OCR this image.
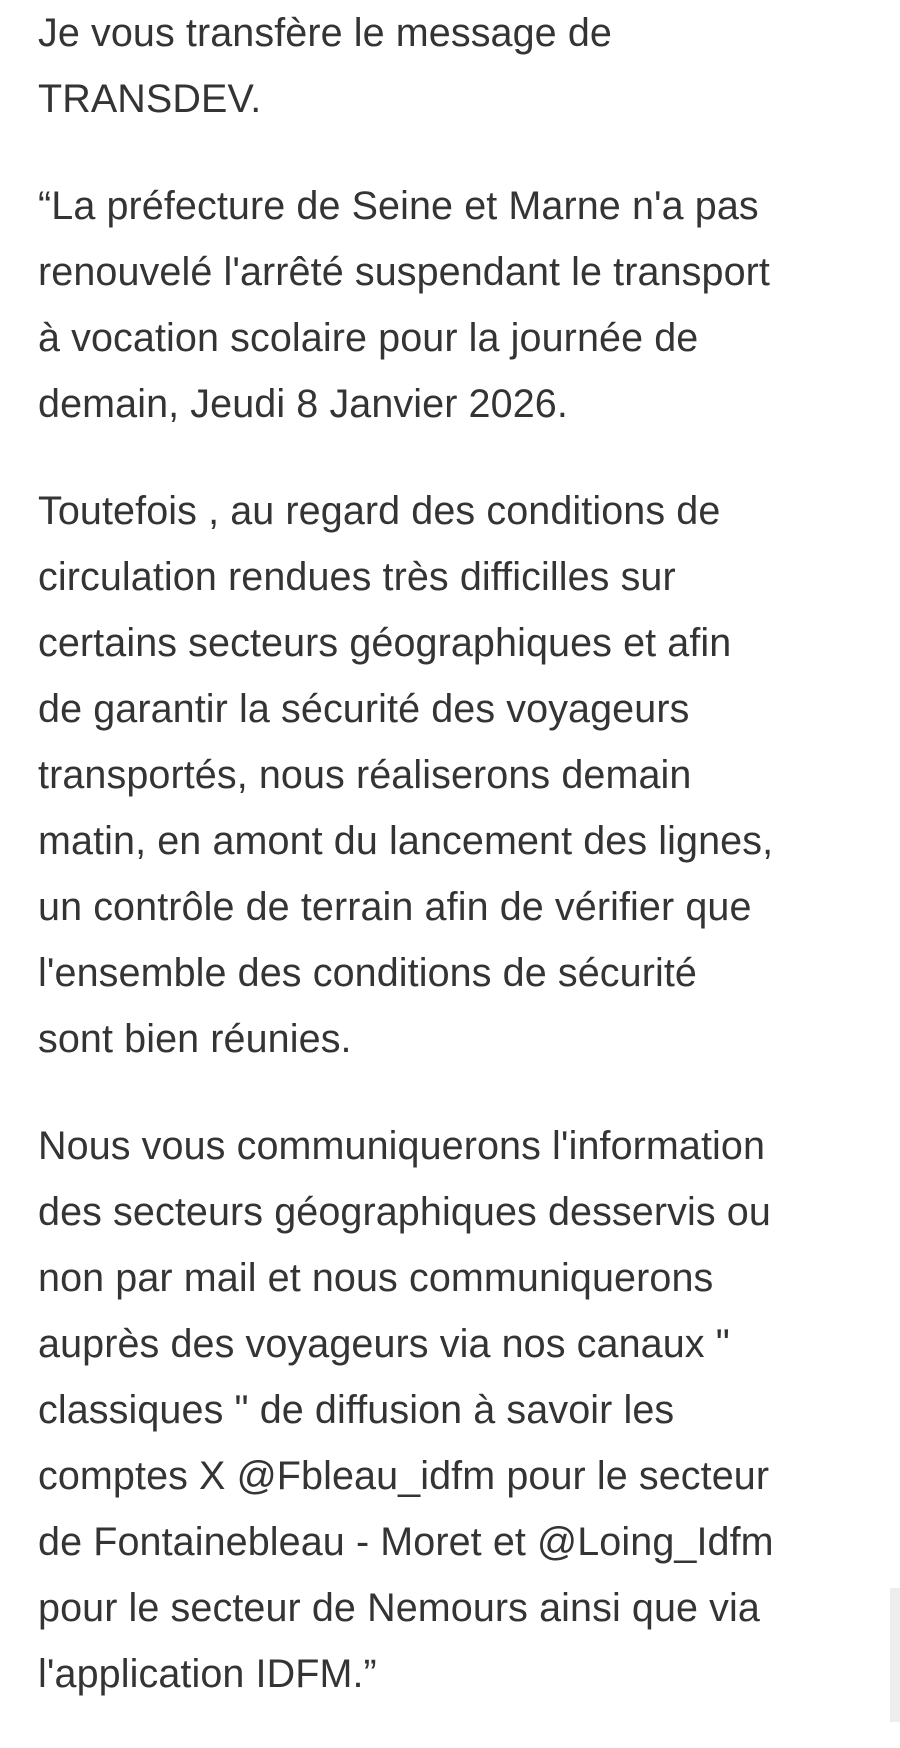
Je vous transfère le message de
TRANSDEV.

“La préfecture de Seine et Marne n'a pas
renouvelé l'arrêté suspendant le transport
à vocation scolaire pour la journée de
demain, Jeudi 8 Janvier 2026.

Toutefois , au regard des conditions de
circulation rendues très difficilles sur
certains secteurs géographiques et afin
de garantir la sécurité des voyageurs
transportés, nous réaliserons demain
matin, en amont du lancement des lignes,
un contrôle de terrain afin de vérifier que
l'ensemble des conditions de sécurité
sont bien réunies.

Nous vous communiquerons l'information
des secteurs géographiques desservis ou
non par mail et nous communiquerons
auprès des voyageurs via nos canaux "
classiques " de diffusion à savoir les
comptes X @Fbleau_idfm pour le secteur
de Fontainebleau - Moret et @Loing_Idfm
pour le secteur de Nemours ainsi que via
l'application IDFM.”
